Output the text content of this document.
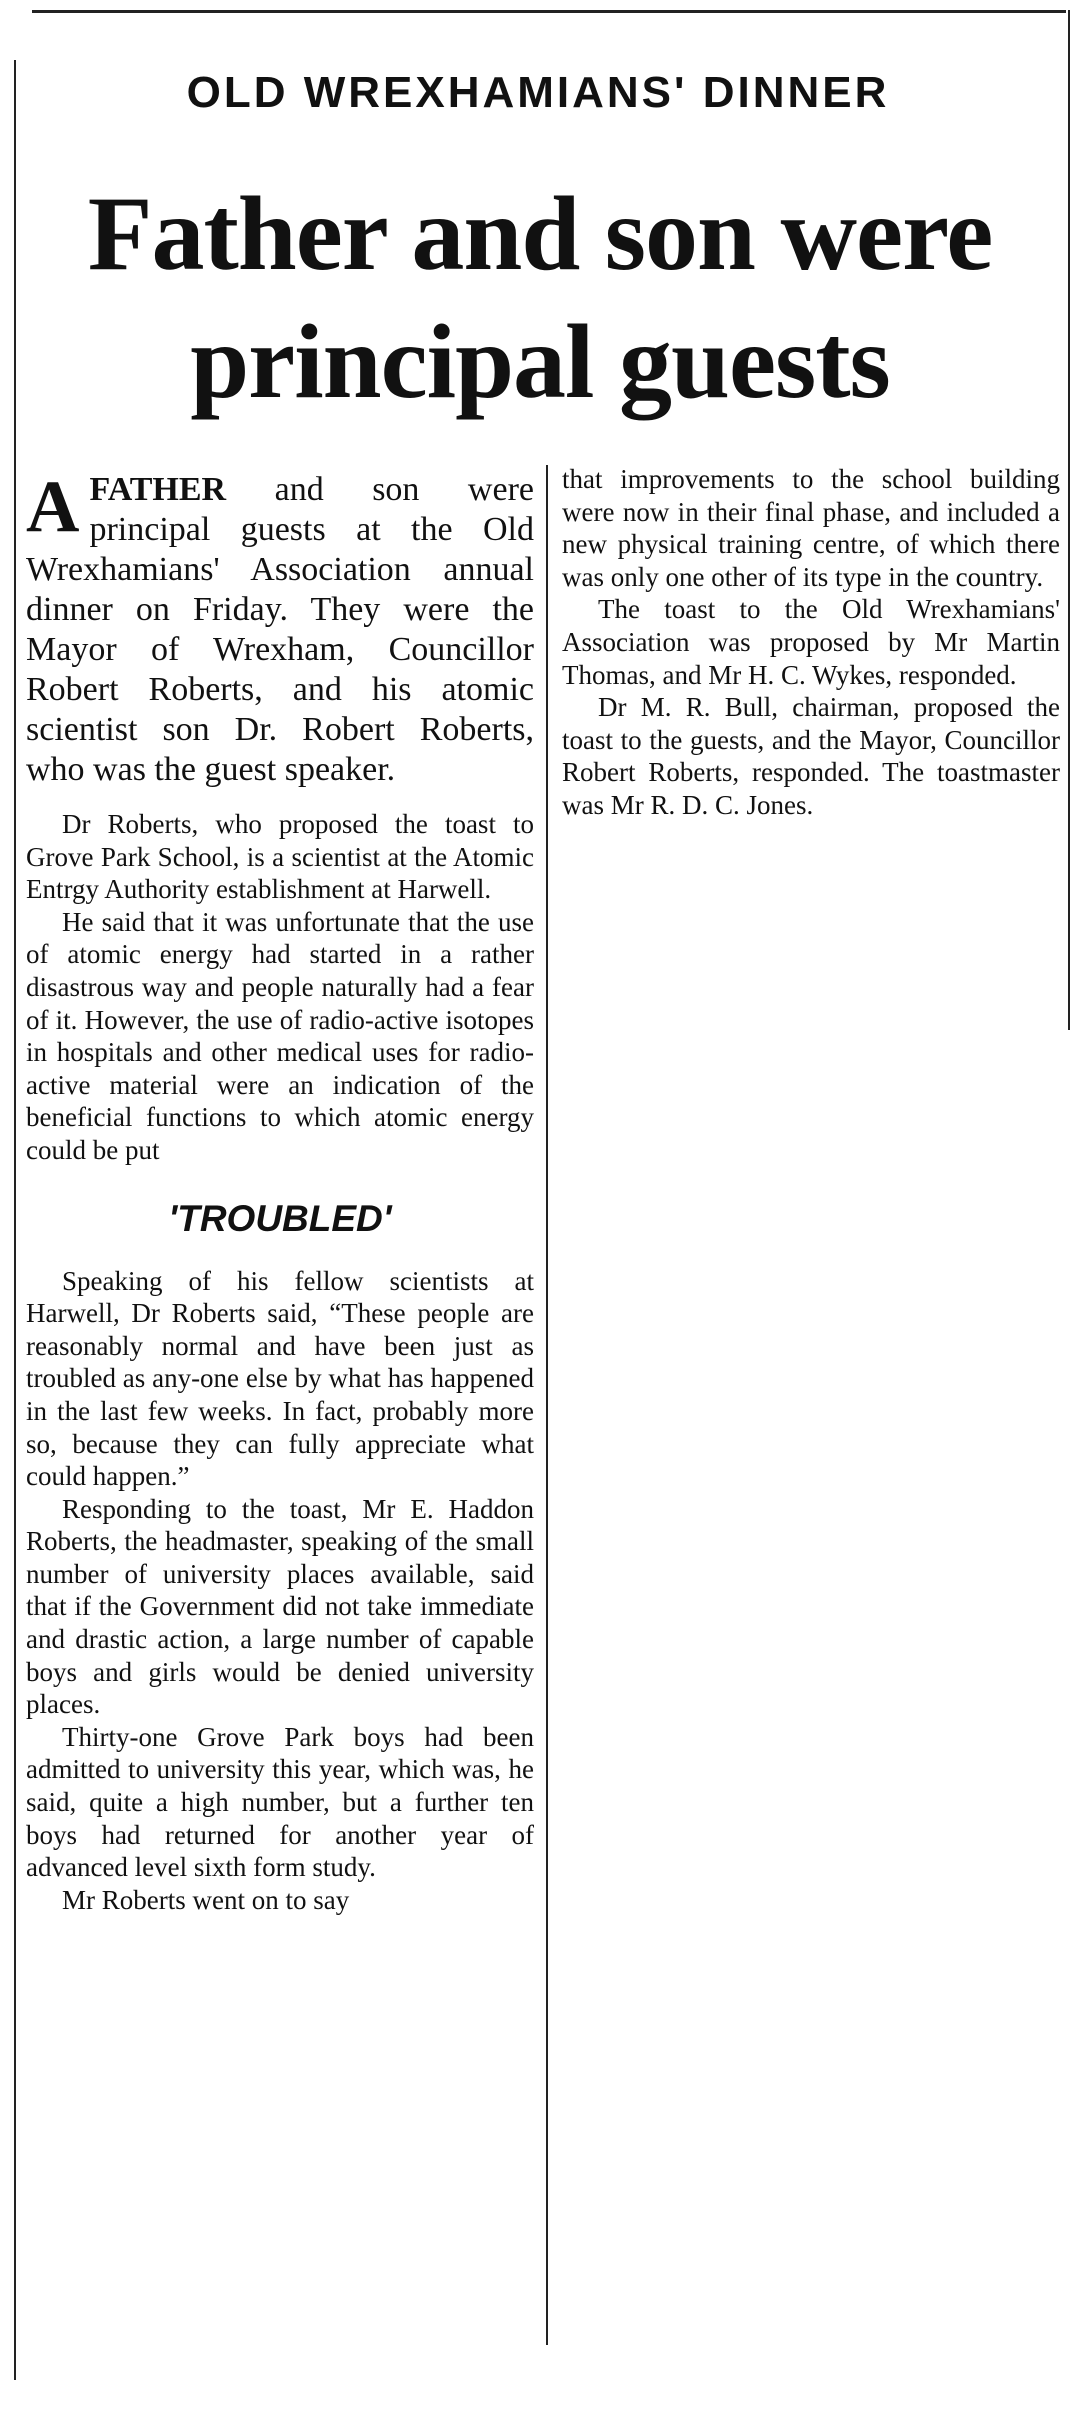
OLD WREXHAMIANS' DINNER
Father and son were principal guests

AFATHER and son were principal guests at the Old Wrexhamians' Association annual dinner on Friday. They were the Mayor of Wrexham, Councillor Robert Roberts, and his atomic scientist son Dr. Robert Roberts, who was the guest speaker.

Dr Roberts, who proposed the toast to Grove Park School, is a scientist at the Atomic Entrgy Authority establishment at Harwell.

He said that it was unfortunate that the use of atomic energy had started in a rather disastrous way and people naturally had a fear of it. However, the use of radio-active isotopes in hospitals and other medical uses for radio-active material were an indication of the beneficial functions to which atomic energy could be put

'TROUBLED'

Speaking of his fellow scientists at Harwell, Dr Roberts said, “These people are reasonably normal and have been just as troubled as any-one else by what has happened in the last few weeks. In fact, probably more so, because they can fully appreciate what could happen.”

Responding to the toast, Mr E. Haddon Roberts, the headmaster, speaking of the small number of university places available, said that if the Government did not take immediate and drastic action, a large number of capable boys and girls would be denied university places.

Thirty-one Grove Park boys had been admitted to university this year, which was, he said, quite a high number, but a further ten boys had returned for another year of advanced level sixth form study.

Mr Roberts went on to say

that improvements to the school building were now in their final phase, and included a new physical training centre, of which there was only one other of its type in the country.

The toast to the Old Wrexhamians' Association was proposed by Mr Martin Thomas, and Mr H. C. Wykes, responded.

Dr M. R. Bull, chairman, proposed the toast to the guests, and the Mayor, Councillor Robert Roberts, responded. The toastmaster was Mr R. D. C. Jones.
